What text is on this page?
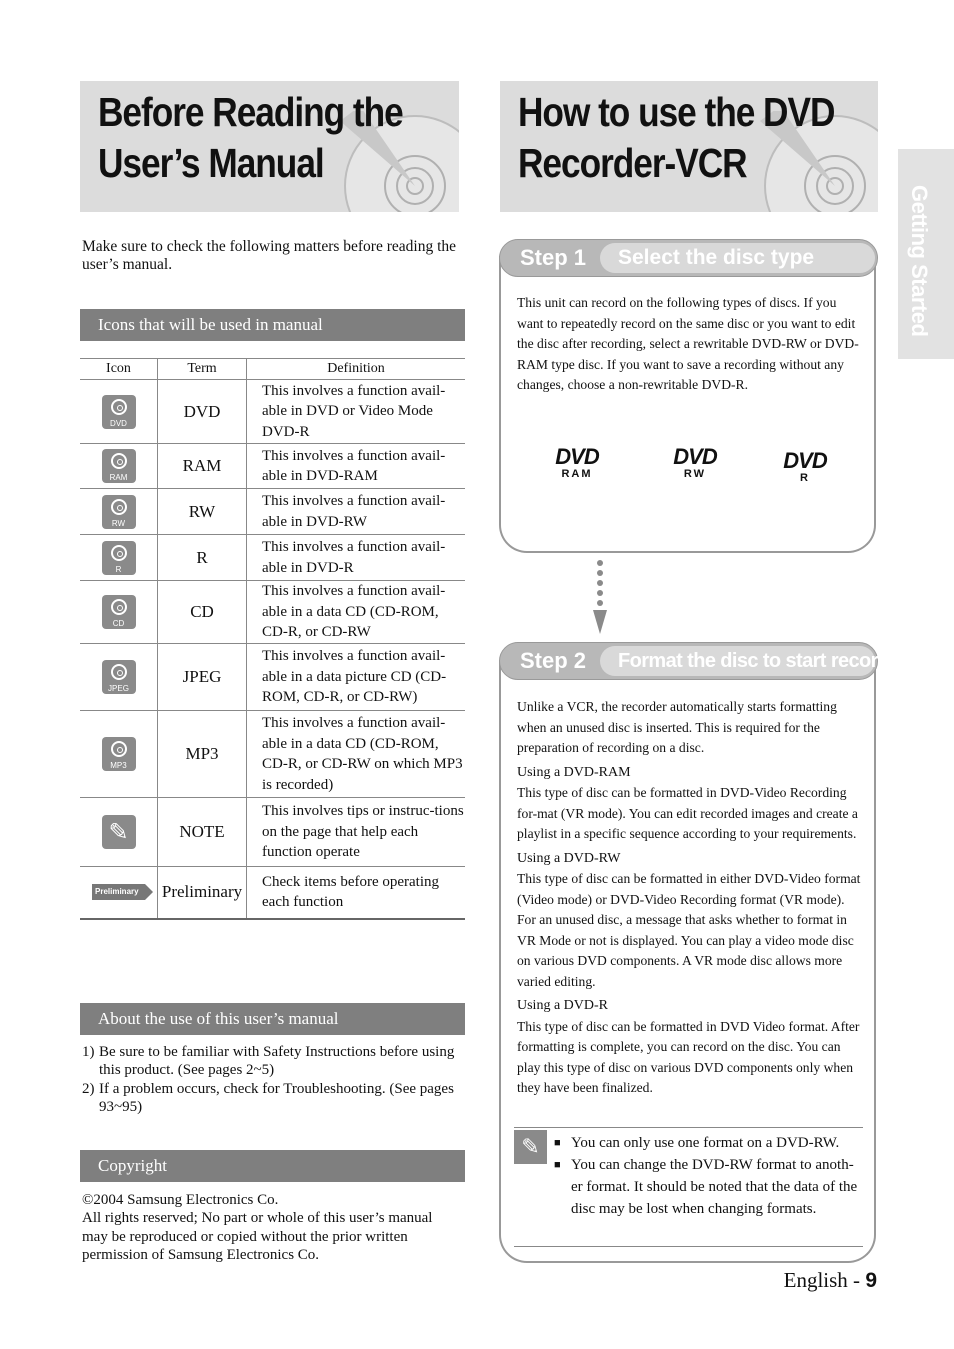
Before Reading the
User’s Manual
How to use the DVD
Recorder-VCR
Getting Started

Make sure to check the following matters before reading the user’s manual.

Icons that will be used in manual
Icon	Term	Definition

DVD	DVD	This involves a function avail-able in DVD or Video Mode DVD-R

RAM	RAM	This involves a function avail-able in DVD-RAM

RW	RW	This involves a function avail-able in DVD-RW

R	R	This involves a function avail-able in DVD-R

CD	CD	This involves a function avail-able in a data CD (CD-ROM, CD-R, or CD-RW

JPEG	JPEG	This involves a function avail-able in a data picture CD (CD-ROM, CD-R, or CD-RW)

MP3	MP3	This involves a function avail-able in a data CD (CD-ROM, CD-R, or CD-RW on which MP3 is recorded)
✎	NOTE	This involves tips or instruc-tions on the page that help each function operate
Preliminary	Preliminary	Check items before operating each function
About the use of this user’s manual
1) Be sure to be familiar with Safety Instructions before using this product. (See pages 2~5)
2) If a problem occurs, check for Troubleshooting. (See pages 93~95)
Copyright

©2004 Samsung Electronics Co.
All rights reserved; No part or whole of this user’s manual may be reproduced or copied without the prior written permission of Samsung Electronics Co.

Step 1	Select the disc type

This unit can record on the following types of discs. If you want to repeatedly record on the same disc or you want to edit the disc after recording, select a rewritable DVD-RW or DVD-RAM type disc. If you want to save a recording without any changes, choose a non-rewritable DVD-R.

DVD
RAM
DVD
RW
DVD
R
Step 2	Format the disc to start recording

Unlike a VCR, the recorder automatically starts formatting when an unused disc is inserted. This is required for the preparation of recording on a disc.

Using a DVD-RAM

This type of disc can be formatted in DVD-Video Recording for-mat (VR mode). You can edit recorded images and create a playlist in a specific sequence according to your requirements.

Using a DVD-RW

This type of disc can be formatted in either DVD-Video format (Video mode) or DVD-Video Recording format (VR mode). For an unused disc, a message that asks whether to format in VR Mode or not is displayed. You can play a video mode disc on various DVD components. A VR mode disc allows more varied editing.

Using a DVD-R

This type of disc can be formatted in DVD Video format. After formatting is complete, you can record on the disc. You can play this type of disc on various DVD components only when they have been finalized.

✎	■ You can only use one format on a DVD-RW.
■ You can change the DVD-RW format to anoth-er format. It should be noted that the data of the disc may be lost when changing formats.
English - 9
